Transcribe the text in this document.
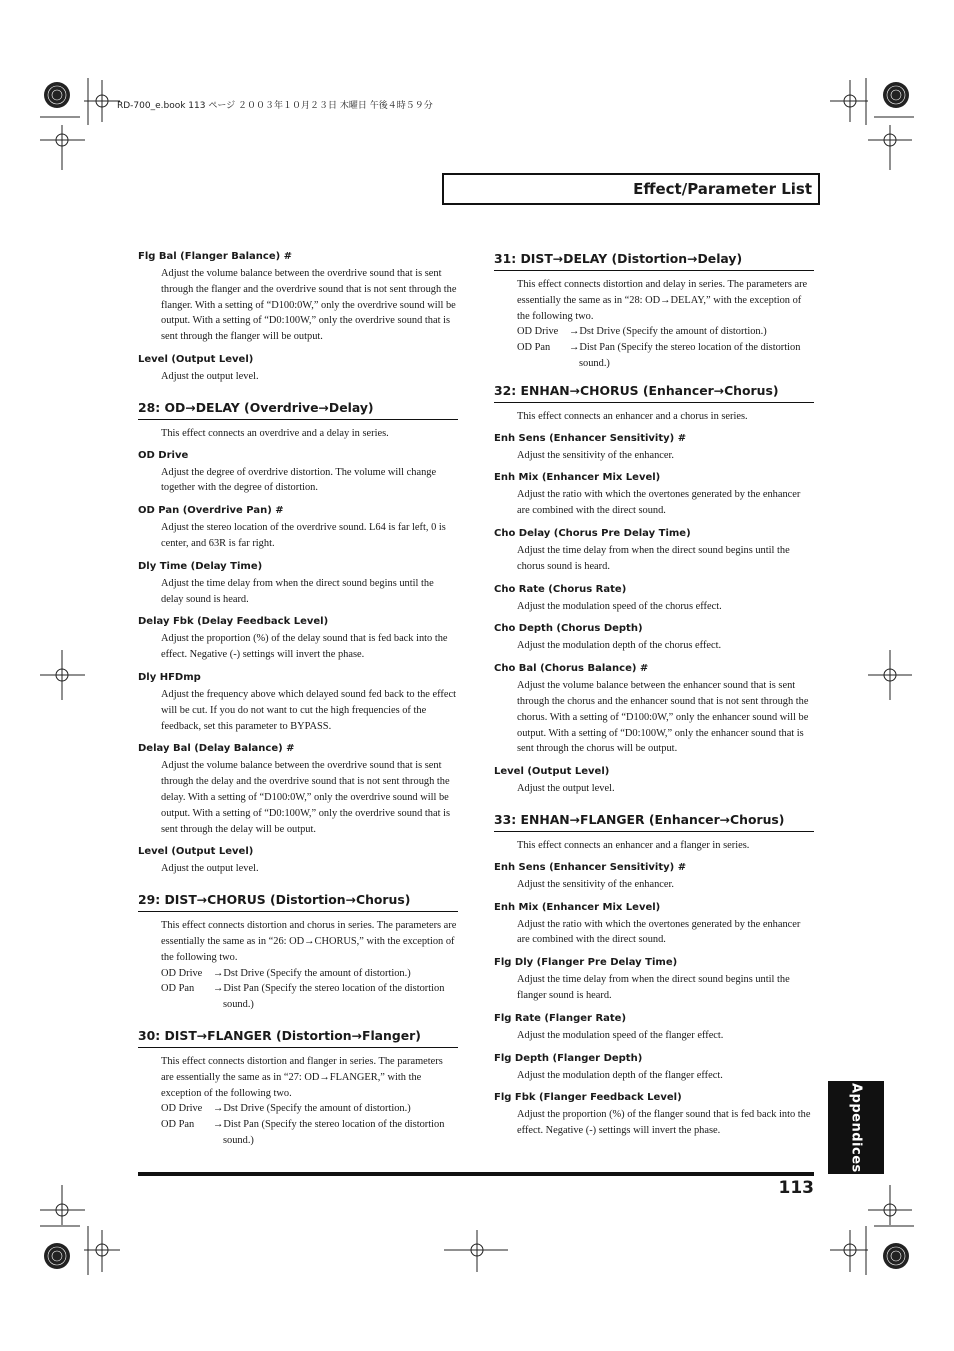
RD-700_e.book 113 ページ ２００３年１０月２３日 木曜日 午後４時５９分
Effect/Parameter List

Flg Bal (Flanger Balance) #

Adjust the volume balance between the overdrive sound that is sent through the flanger and the overdrive sound that is not sent through the flanger. With a setting of “D100:0W,” only the overdrive sound will be output. With a setting of “D0:100W,” only the overdrive sound that is sent through the flanger will be output.

Level (Output Level)

Adjust the output level.

28: OD→DELAY (Overdrive→Delay)

This effect connects an overdrive and a delay in series.

OD Drive

Adjust the degree of overdrive distortion. The volume will change together with the degree of distortion.

OD Pan (Overdrive Pan) #

Adjust the stereo location of the overdrive sound. L64 is far left, 0 is center, and 63R is far right.

Dly Time (Delay Time)

Adjust the time delay from when the direct sound begins until the delay sound is heard.

Delay Fbk (Delay Feedback Level)

Adjust the proportion (%) of the delay sound that is fed back into the effect. Negative (-) settings will invert the phase.

Dly HFDmp

Adjust the frequency above which delayed sound fed back to the effect will be cut. If you do not want to cut the high frequencies of the feedback, set this parameter to BYPASS.

Delay Bal (Delay Balance) #

Adjust the volume balance between the overdrive sound that is sent through the delay and the overdrive sound that is not sent through the delay. With a setting of “D100:0W,” only the overdrive sound will be output. With a setting of “D0:100W,” only the overdrive sound that is sent through the delay will be output.

Level (Output Level)

Adjust the output level.

29: DIST→CHORUS (Distortion→Chorus)

This effect connects distortion and chorus in series. The parameters are essentially the same as in “26: OD→CHORUS,” with the exception of the following two.

OD Drive	→Dst Drive (Specify the amount of distortion.)
OD Pan	→Dist Pan (Specify the stereo location of the distortion sound.)
30: DIST→FLANGER (Distortion→Flanger)

This effect connects distortion and flanger in series. The parameters are essentially the same as in “27: OD→FLANGER,” with the exception of the following two.

OD Drive	→Dst Drive (Specify the amount of distortion.)
OD Pan	→Dist Pan (Specify the stereo location of the distortion sound.)
31: DIST→DELAY (Distortion→Delay)

This effect connects distortion and delay in series. The parameters are essentially the same as in “28: OD→DELAY,” with the exception of the following two.

OD Drive	→Dst Drive (Specify the amount of distortion.)
OD Pan	→Dist Pan (Specify the stereo location of the distortion sound.)
32: ENHAN→CHORUS (Enhancer→Chorus)

This effect connects an enhancer and a chorus in series.

Enh Sens (Enhancer Sensitivity) #

Adjust the sensitivity of the enhancer.

Enh Mix (Enhancer Mix Level)

Adjust the ratio with which the overtones generated by the enhancer are combined with the direct sound.

Cho Delay (Chorus Pre Delay Time)

Adjust the time delay from when the direct sound begins until the chorus sound is heard.

Cho Rate (Chorus Rate)

Adjust the modulation speed of the chorus effect.

Cho Depth (Chorus Depth)

Adjust the modulation depth of the chorus effect.

Cho Bal (Chorus Balance) #

Adjust the volume balance between the enhancer sound that is sent through the chorus and the enhancer sound that is not sent through the chorus. With a setting of “D100:0W,” only the enhancer sound will be output. With a setting of “D0:100W,” only the enhancer sound that is sent through the chorus will be output.

Level (Output Level)

Adjust the output level.

33: ENHAN→FLANGER (Enhancer→Chorus)

This effect connects an enhancer and a flanger in series.

Enh Sens (Enhancer Sensitivity) #

Adjust the sensitivity of the enhancer.

Enh Mix (Enhancer Mix Level)

Adjust the ratio with which the overtones generated by the enhancer are combined with the direct sound.

Flg Dly (Flanger Pre Delay Time)

Adjust the time delay from when the direct sound begins until the flanger sound is heard.

Flg Rate (Flanger Rate)

Adjust the modulation speed of the flanger effect.

Flg Depth (Flanger Depth)

Adjust the modulation depth of the flanger effect.

Flg Fbk (Flanger Feedback Level)

Adjust the proportion (%) of the flanger sound that is fed back into the effect. Negative (-) settings will invert the phase.

113
Appendices
